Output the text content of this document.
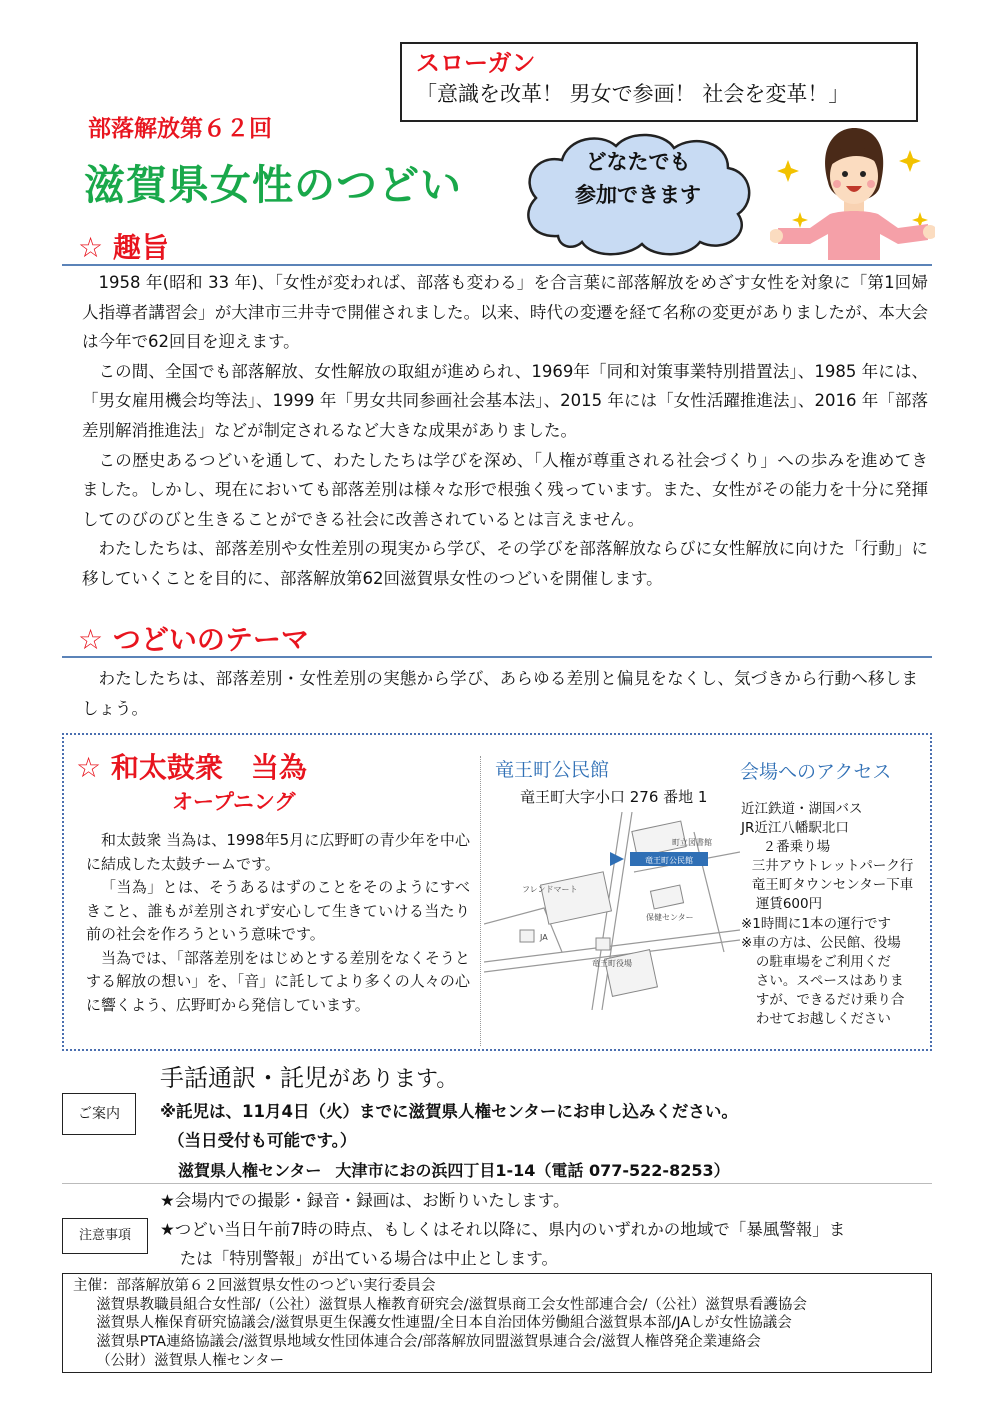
スローガン
「意識を改革！ 男女で参画！ 社会を変革！」
部落解放第６２回
滋賀県女性のつどい	どなたでも
参加できます
☆ 趣旨

1958 年(昭和 33 年)、「女性が変われば、部落も変わる」を合言葉に部落解放をめざす女性を対象に「第1回婦人指導者講習会」が大津市三井寺で開催されました。以来、時代の変遷を経て名称の変更がありましたが、本大会は今年で62回目を迎えます。

この間、全国でも部落解放、女性解放の取組が進められ、1969年「同和対策事業特別措置法」、1985 年には、「男女雇用機会均等法」、1999 年「男女共同参画社会基本法」、2015 年には「女性活躍推進法」、2016 年「部落差別解消推進法」などが制定されるなど大きな成果がありました。

この歴史あるつどいを通して、わたしたちは学びを深め、「人権が尊重される社会づくり」への歩みを進めてきました。しかし、現在においても部落差別は様々な形で根強く残っています。また、女性がその能力を十分に発揮してのびのびと生きることができる社会に改善されているとは言えません。

わたしたちは、部落差別や女性差別の現実から学び、その学びを部落解放ならびに女性解放に向けた「行動」に移していくことを目的に、部落解放第62回滋賀県女性のつどいを開催します。

☆ つどいのテーマ

わたしたちは、部落差別・女性差別の実態から学び、あらゆる差別と偏見をなくし、気づきから行動へ移しましょう。

☆ 和太鼓衆　当為
オープニング
和太鼓衆 当為は、1998年5月に広野町の青少年を中心に結成した太鼓チームです。
「当為」とは、そうあるはずのことをそのようにすべきこと、誰もが差別されず安心して生きていける当たり前の社会を作ろうという意味です。
当為では、「部落差別をはじめとする差別をなくそうとする解放の想い」を、「音」に託してより多くの人々の心に響くよう、広野町から発信しています。
竜王町公民館
竜王町大字小口 276 番地 1
竜王町公民館
町立図書館
フレンドマート
保健センター
JA
竜王町役場
会場へのアクセス
近江鉄道・湖国バス
JR近江八幡駅北口
２番乗り場
三井アウトレットパーク行
竜王町タウンセンター下車
運賃600円
※1時間に1本の運行です
※車の方は、公民館、役場
の駐車場をご利用くだ
さい。スペースはありま
すが、できるだけ乗り合
わせてお越しください
ご案内
手話通訳・託児があります。
※託児は、11月4日（火）までに滋賀県人権センターにお申し込みください。
（当日受付も可能です。）
滋賀県人権センター 大津市におの浜四丁目1-14（電話 077-522-8253）
注意事項
★会場内での撮影・録音・録画は、お断りいたします。
★つどい当日午前7時の時点、もしくはそれ以降に、県内のいずれかの地域で「暴風警報」ま
たは「特別警報」が出ている場合は中止とします。
主催：部落解放第６２回滋賀県女性のつどい実行委員会
滋賀県教職員組合女性部/（公社）滋賀県人権教育研究会/滋賀県商工会女性部連合会/（公社）滋賀県看護協会
滋賀県人権保育研究協議会/滋賀県更生保護女性連盟/全日本自治団体労働組合滋賀県本部/JAしが女性協議会
滋賀県PTA連絡協議会/滋賀県地域女性団体連合会/部落解放同盟滋賀県連合会/滋賀人権啓発企業連絡会
（公財）滋賀県人権センター
